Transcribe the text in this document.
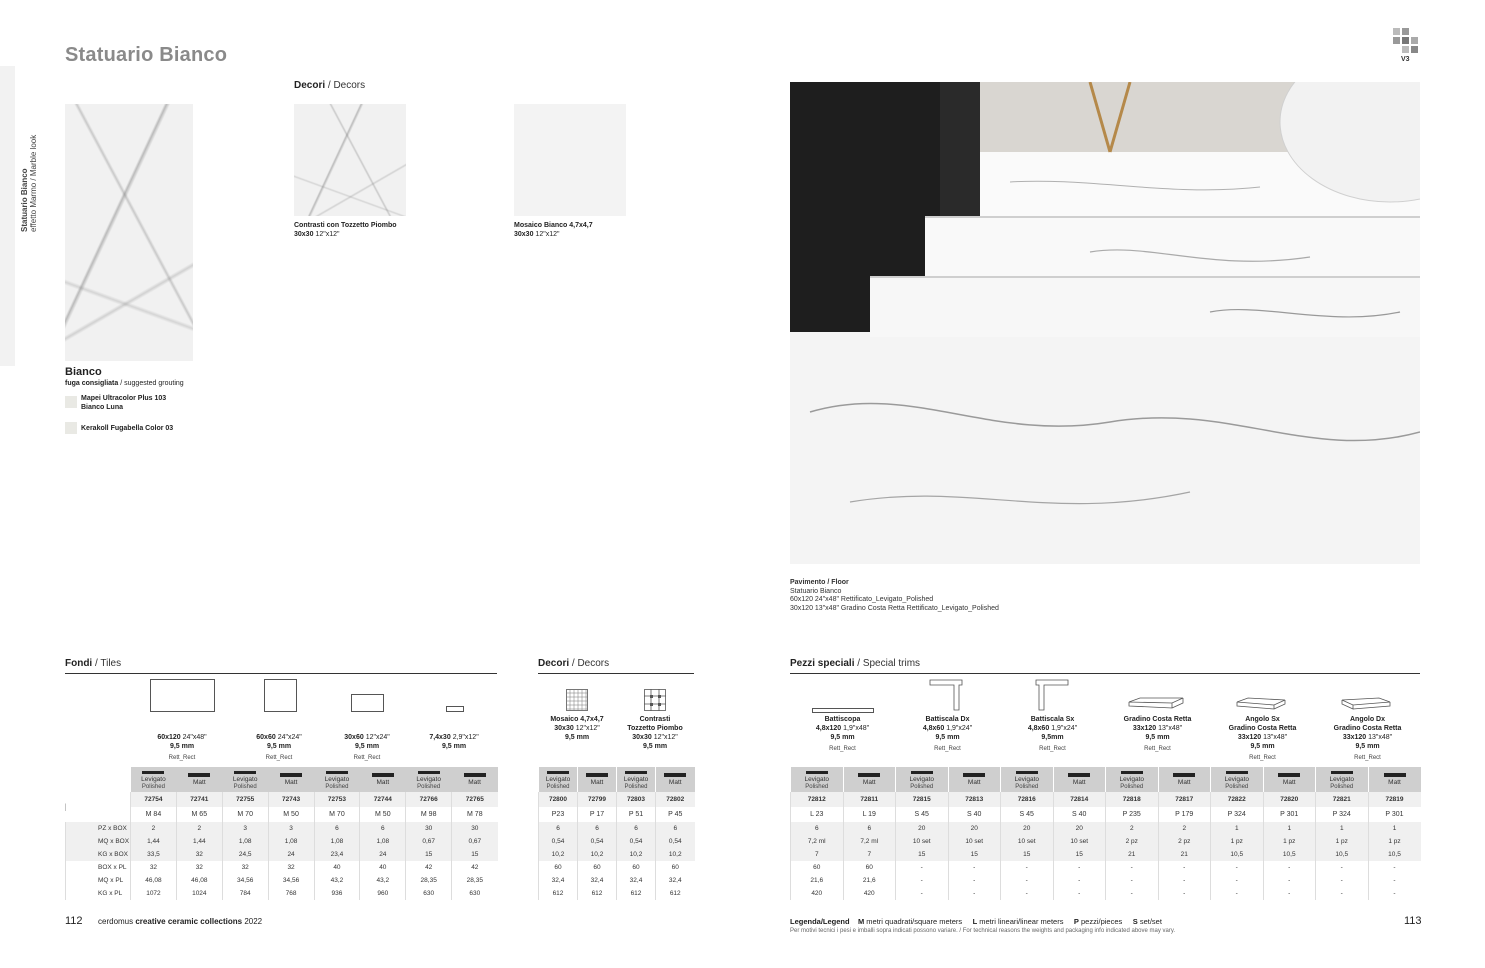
Statuario Bianco effetto Marmo / Marble look
Statuario Bianco
Bianco
fuga consigliata / suggested grouting
Mapei Ultracolor Plus 103
Bianco Luna
Kerakoll Fugabella Color 03
Decori / Decors
Contrasti con Tozzetto Piombo
30x30 12"x12"
Mosaico Bianco 4,7x4,7
30x30 12"x12"
V3
Pavimento / Floor
Statuario Bianco
60x120 24"x48" Rettificato_Levigato_Polished
30x120 13"x48" Gradino Costa Retta Rettificato_Levigato_Polished
Fondi / Tiles
60x120 24"x48"
9,5 mm
Rett_Rect
60x60 24"x24"
9,5 mm
Rett_Rect
30x60 12"x24"
9,5 mm
Rett_Rect
7,4x30 2,9"x12"
9,5 mm

Levigato
Polished	Matt	Levigato
Polished	Matt	Levigato
Polished	Matt	Levigato
Polished	Matt
	72754	72741	72755	72743	72753	72744	72766	72765
	M 84	M 65	M 70	M 50	M 70	M 50	M 98	M 78
PZ x BOX	2	2	3	3	6	6	30	30
MQ x BOX	1,44	1,44	1,08	1,08	1,08	1,08	0,67	0,67
KG x BOX	33,5	32	24,5	24	23,4	24	15	15
BOX x PL	32	32	32	32	40	40	42	42
MQ x PL	46,08	46,08	34,56	34,56	43,2	43,2	28,35	28,35
KG x PL	1072	1024	784	768	936	960	630	630
Decori / Decors
Mosaico 4,7x4,7
30x30 12"x12"
9,5 mm
Contrasti
Tozzetto Piombo
30x30 12"x12"
9,5 mm
Levigato
Polished	Matt	Levigato
Polished	Matt
72800	72799	72803	72802
P23	P 17	P 51	P 45
6	6	6	6
0,54	0,54	0,54	0,54
10,2	10,2	10,2	10,2
60	60	60	60
32,4	32,4	32,4	32,4
612	612	612	612
Pezzi speciali / Special trims
Battiscopa
4,8x120 1,9"x48"
9,5 mm
Rett_Rect
Battiscala Dx
4,8x60 1,9"x24"
9,5 mm
Rett_Rect
Battiscala Sx
4,8x60 1,9"x24"
9,5mm
Rett_Rect
Gradino Costa Retta
33x120 13"x48"
9,5 mm
Rett_Rect
Angolo Sx
Gradino Costa Retta
33x120 13"x48"
9,5 mm
Rett_Rect
Angolo Dx
Gradino Costa Retta
33x120 13"x48"
9,5 mm
Rett_Rect
Levigato
Polished	Matt	Levigato
Polished	Matt	Levigato
Polished	Matt	Levigato
Polished	Matt	Levigato
Polished	Matt	Levigato
Polished	Matt
72812	72811	72815	72813	72816	72814	72818	72817	72822	72820	72821	72819
L 23	L 19	S 45	S 40	S 45	S 40	P 235	P 179	P 324	P 301	P 324	P 301
6	6	20	20	20	20	2	2	1	1	1	1
7,2 ml	7,2 ml	10 set	10 set	10 set	10 set	2 pz	2 pz	1 pz	1 pz	1 pz	1 pz
7	7	15	15	15	15	21	21	10,5	10,5	10,5	10,5
60	60	-	-	-	-	-	-	-	-	-	-
21,6	21,6	-	-	-	-	-	-	-	-	-	-
420	420	-	-	-	-	-	-	-	-	-	-
112 cerdomus creative ceramic collections 2022	Legenda/Legend M metri quadrati/square meters L metri lineari/linear meters P pezzi/pieces S set/set
Per motivi tecnici i pesi e imballi sopra indicati possono variare. / For technical reasons the weights and packaging info indicated above may vary.
113
